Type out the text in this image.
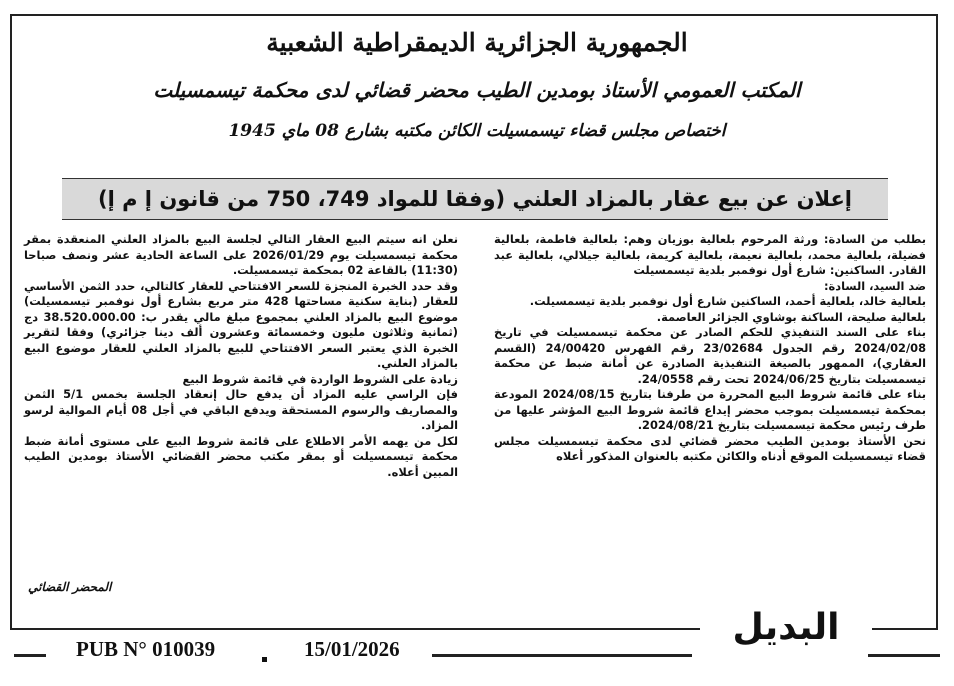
الجمهورية الجزائرية الديمقراطية الشعبية
المكتب العمومي الأستاذ بومدين الطيب محضر قضائي لدى محكمة تيسمسيلت
اختصاص مجلس قضاء تيسمسيلت الكائن مكتبه بشارع 08 ماي 1945
إعلان عن بيع عقار بالمزاد العلني (وفقا للمواد 749، 750 من قانون إ م إ)

بطلب من السادة: ورثة المرحوم بلعالية بوزيان وهم: بلعالية فاطمة، بلعالية فضيلة، بلعالية محمد، بلعالية نعيمة، بلعالية كريمة، بلعالية جيلالي، بلعالية عبد القادر. الساكنين: شارع أول نوفمبر بلدية تيسمسيلت

ضد السيد، السادة:

بلعالية خالد، بلعالية أحمد، الساكنين شارع أول نوفمبر بلدية تيسمسيلت.

بلعالية صليحة، الساكنة بوشاوي الجزائر العاصمة.

بناء على السند التنفيذي للحكم الصادر عن محكمة تيسمسيلت في تاريخ 2024/02/08 رقم الجدول 23/02684 رقم الفهرس 24/00420 (القسم العقاري)، الممهور بالصيغة التنفيذية الصادرة عن أمانة ضبط عن محكمة تيسمسيلت بتاريخ 2024/06/25 تحت رقم 24/0558.

بناء على قائمة شروط البيع المحررة من طرفنا بتاريخ 2024/08/15 المودعة بمحكمة تيسمسيلت بموجب محضر إيداع قائمة شروط البيع المؤشر عليها من طرف رئيس محكمة تيسمسيلت بتاريخ 2024/08/21.

نحن الأستاذ بومدين الطيب محضر قضائي لدى محكمة تيسمسيلت مجلس قضاء تيسمسيلت الموقع أدناه والكائن مكتبه بالعنوان المذكور أعلاه

نعلن انه سيتم البيع العقار التالي لجلسة البيع بالمزاد العلني المنعقدة بمقر محكمة تيسمسيلت يوم 2026/01/29 على الساعة الحادية عشر ونصف صباحا (11:30) بالقاعة 02 بمحكمة تيسمسيلت.

وقد حدد الخبرة المنجزة للسعر الافتتاحي للعقار كالتالي، حدد الثمن الأساسي للعقار (بناية سكنية مساحتها 428 متر مربع بشارع أول نوفمبر تيسمسيلت) موضوع البيع بالمزاد العلني بمجموع مبلغ مالي يقدر ب: 38.520.000.00 دج (ثمانية وثلاثون مليون وخمسمائة وعشرون ألف دينا جزائري) وفقا لتقرير الخبرة الذي يعتبر السعر الافتتاحي للبيع بالمزاد العلني للعقار موضوع البيع بالمزاد العلني.

زيادة على الشروط الواردة في قائمة شروط البيع

فإن الراسي عليه المزاد أن يدفع حال إنعقاد الجلسة بخمس 5/1 الثمن والمصاريف والرسوم المستحقة ويدفع الباقي في أجل 08 أيام الموالية لرسو المزاد.

لكل من يهمه الأمر الاطلاع على قائمة شروط البيع على مستوى أمانة ضبط محكمة تيسمسيلت أو بمقر مكتب محضر القضائي الأستاذ بومدين الطيب المبين أعلاه.

المحضر القضائي
البديل
PUB N° 010039	15/01/2026
